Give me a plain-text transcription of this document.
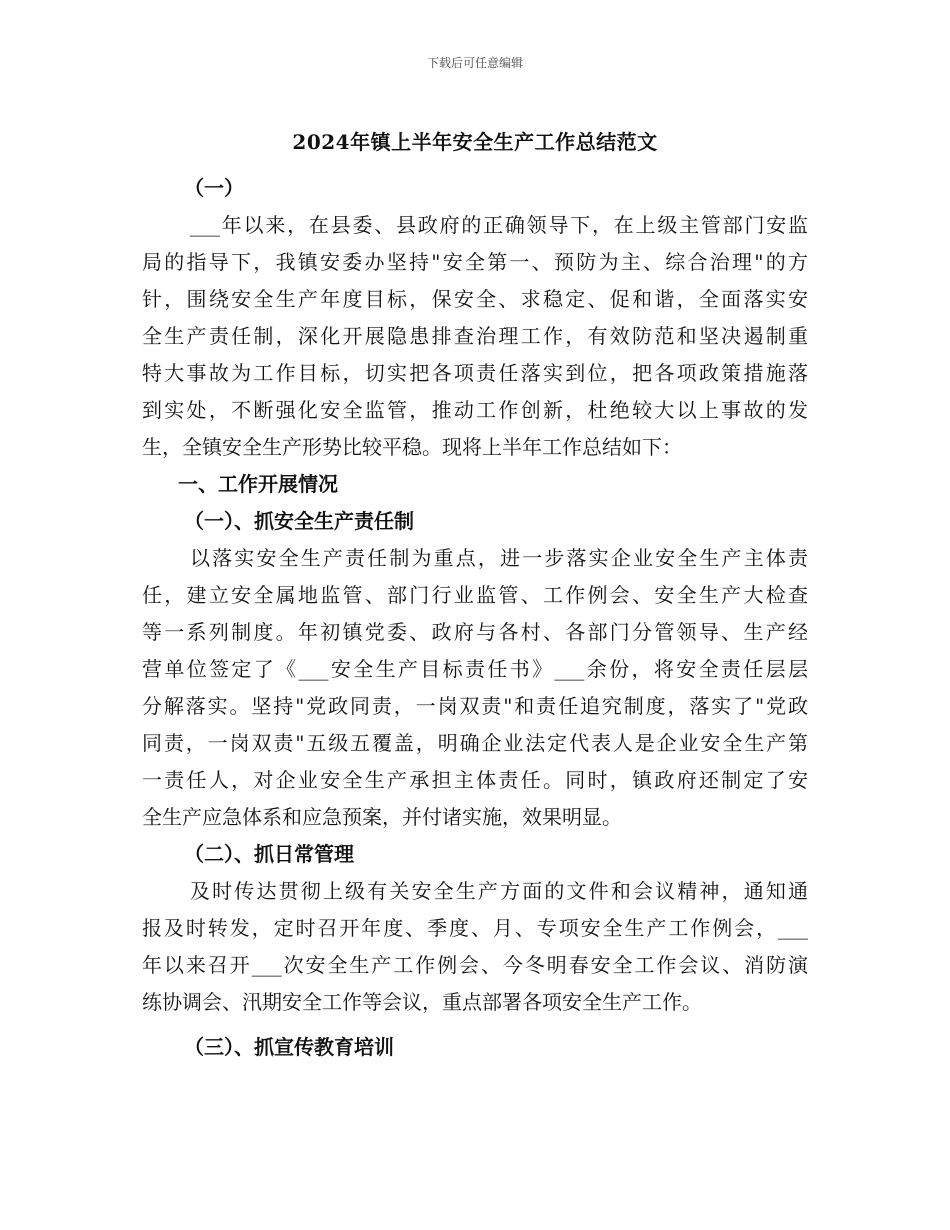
下载后可任意编辑
2024年镇上半年安全生产工作总结范文
（一）
___年以来，在县委、县政府的正确领导下，在上级主管部门安监
局的指导下，我镇安委办坚持"安全第一、预防为主、综合治理"的方
针，围绕安全生产年度目标，保安全、求稳定、促和谐，全面落实安
全生产责任制，深化开展隐患排查治理工作，有效防范和坚决遏制重
特大事故为工作目标，切实把各项责任落实到位，把各项政策措施落
到实处，不断强化安全监管，推动工作创新，杜绝较大以上事故的发
生，全镇安全生产形势比较平稳。现将上半年工作总结如下：
一、工作开展情况
（一）、抓安全生产责任制
以落实安全生产责任制为重点，进一步落实企业安全生产主体责
任，建立安全属地监管、部门行业监管、工作例会、安全生产大检查
等一系列制度。年初镇党委、政府与各村、各部门分管领导、生产经
营单位签定了《___安全生产目标责任书》___余份，将安全责任层层
分解落实。坚持"党政同责，一岗双责"和责任追究制度，落实了"党政
同责，一岗双责"五级五覆盖，明确企业法定代表人是企业安全生产第
一责任人，对企业安全生产承担主体责任。同时，镇政府还制定了安
全生产应急体系和应急预案，并付诸实施，效果明显。
（二）、抓日常管理
及时传达贯彻上级有关安全生产方面的文件和会议精神，通知通
报及时转发，定时召开年度、季度、月、专项安全生产工作例会，___
年以来召开___次安全生产工作例会、今冬明春安全工作会议、消防演
练协调会、汛期安全工作等会议，重点部署各项安全生产工作。
（三）、抓宣传教育培训
